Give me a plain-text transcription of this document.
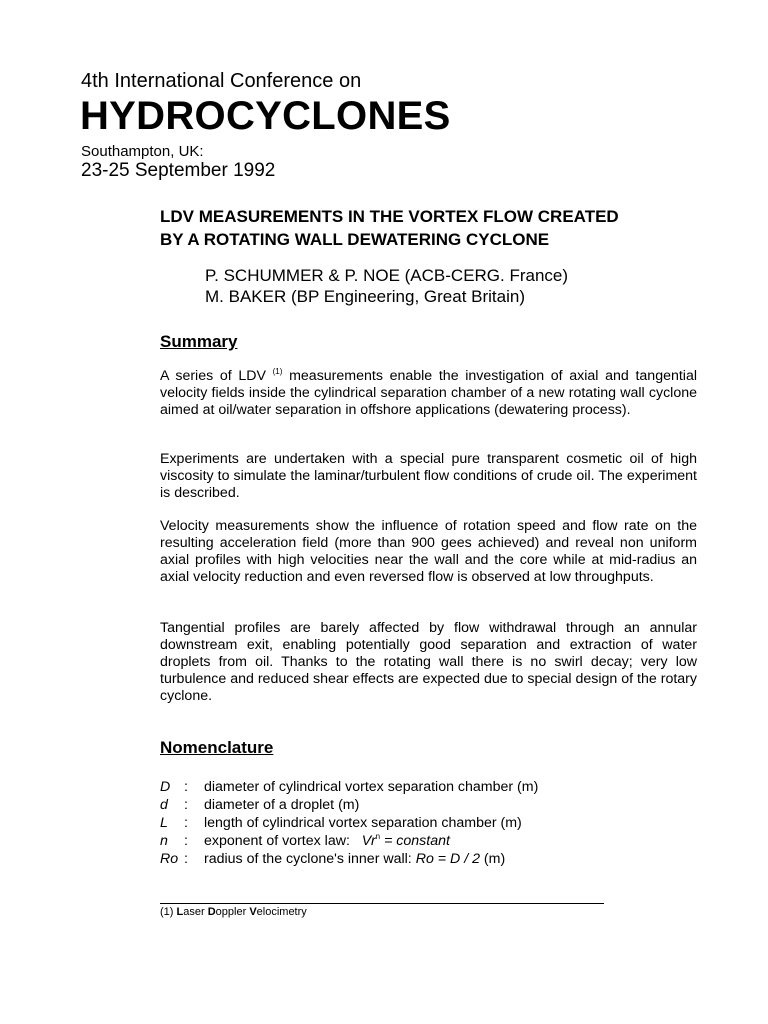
4th International Conference on
HYDROCYCLONES
Southampton, UK:
23-25 September 1992
LDV MEASUREMENTS IN THE VORTEX FLOW CREATED
BY A ROTATING WALL DEWATERING CYCLONE
P. SCHUMMER & P. NOE (ACB-CERG. France)
M. BAKER (BP Engineering, Great Britain)
Summary
A series of LDV $^{(1)}$ measurements enable the investigation of axial and tangential velocity fields inside the cylindrical separation chamber of a new rotating wall cyclone aimed at oil/water separation in offshore applications (dewatering process).
Experiments are undertaken with a special pure transparent cosmetic oil of high viscosity to simulate the laminar/turbulent flow conditions of crude oil. The experiment is described.
Velocity measurements show the influence of rotation speed and flow rate on the resulting acceleration field (more than 900 gees achieved) and reveal non uniform axial profiles with high velocities near the wall and the core while at mid-radius an axial velocity reduction and even reversed flow is observed at low throughputs.
Tangential profiles are barely affected by flow withdrawal through an annular downstream exit, enabling potentially good separation and extraction of water droplets from oil. Thanks to the rotating wall there is no swirl decay; very low turbulence and reduced shear effects are expected due to special design of the rotary cyclone.
Nomenclature
D :	diameter of cylindrical vortex separation chamber (m)
d	:	diameter of a droplet (m)
L	:	length of cylindrical vortex separation chamber (m)
n	:	exponent of vortex law: $Vr^n$ = constant
Ro :	radius of the cyclone's inner wall: Ro = D / 2 (m)
(1) Laser Doppler Velocimetry
